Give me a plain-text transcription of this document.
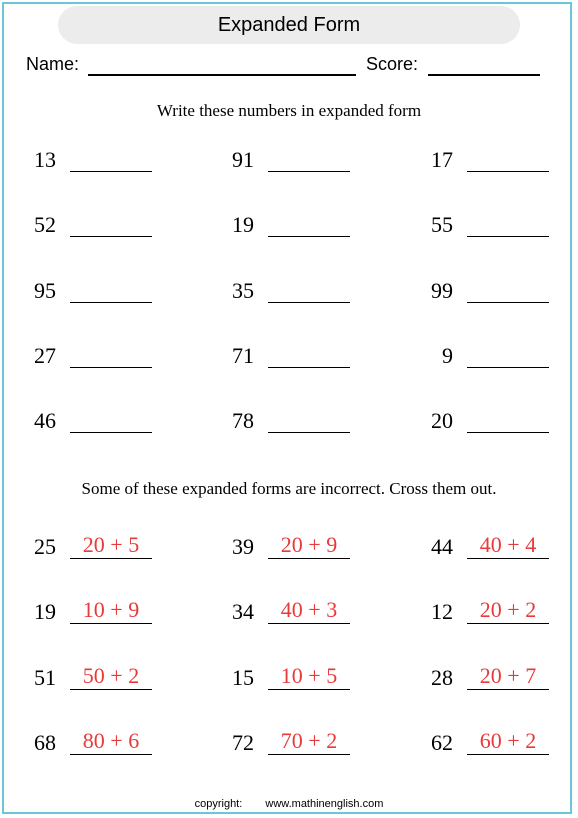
Expanded Form
Name:	Score:
Write these numbers in expanded form
13	91	17
52	19	55
95	35	99
27	71	9
46	78	20
Some of these expanded forms are incorrect. Cross them out.
25	20 + 5	39	20 + 9	44	40 + 4
19	10 + 9	34	40 + 3	12	20 + 2
51	50 + 2	15	10 + 5	28	20 + 7
68	80 + 6	72	70 + 2	62	60 + 2
copyright: www.mathinenglish.com
